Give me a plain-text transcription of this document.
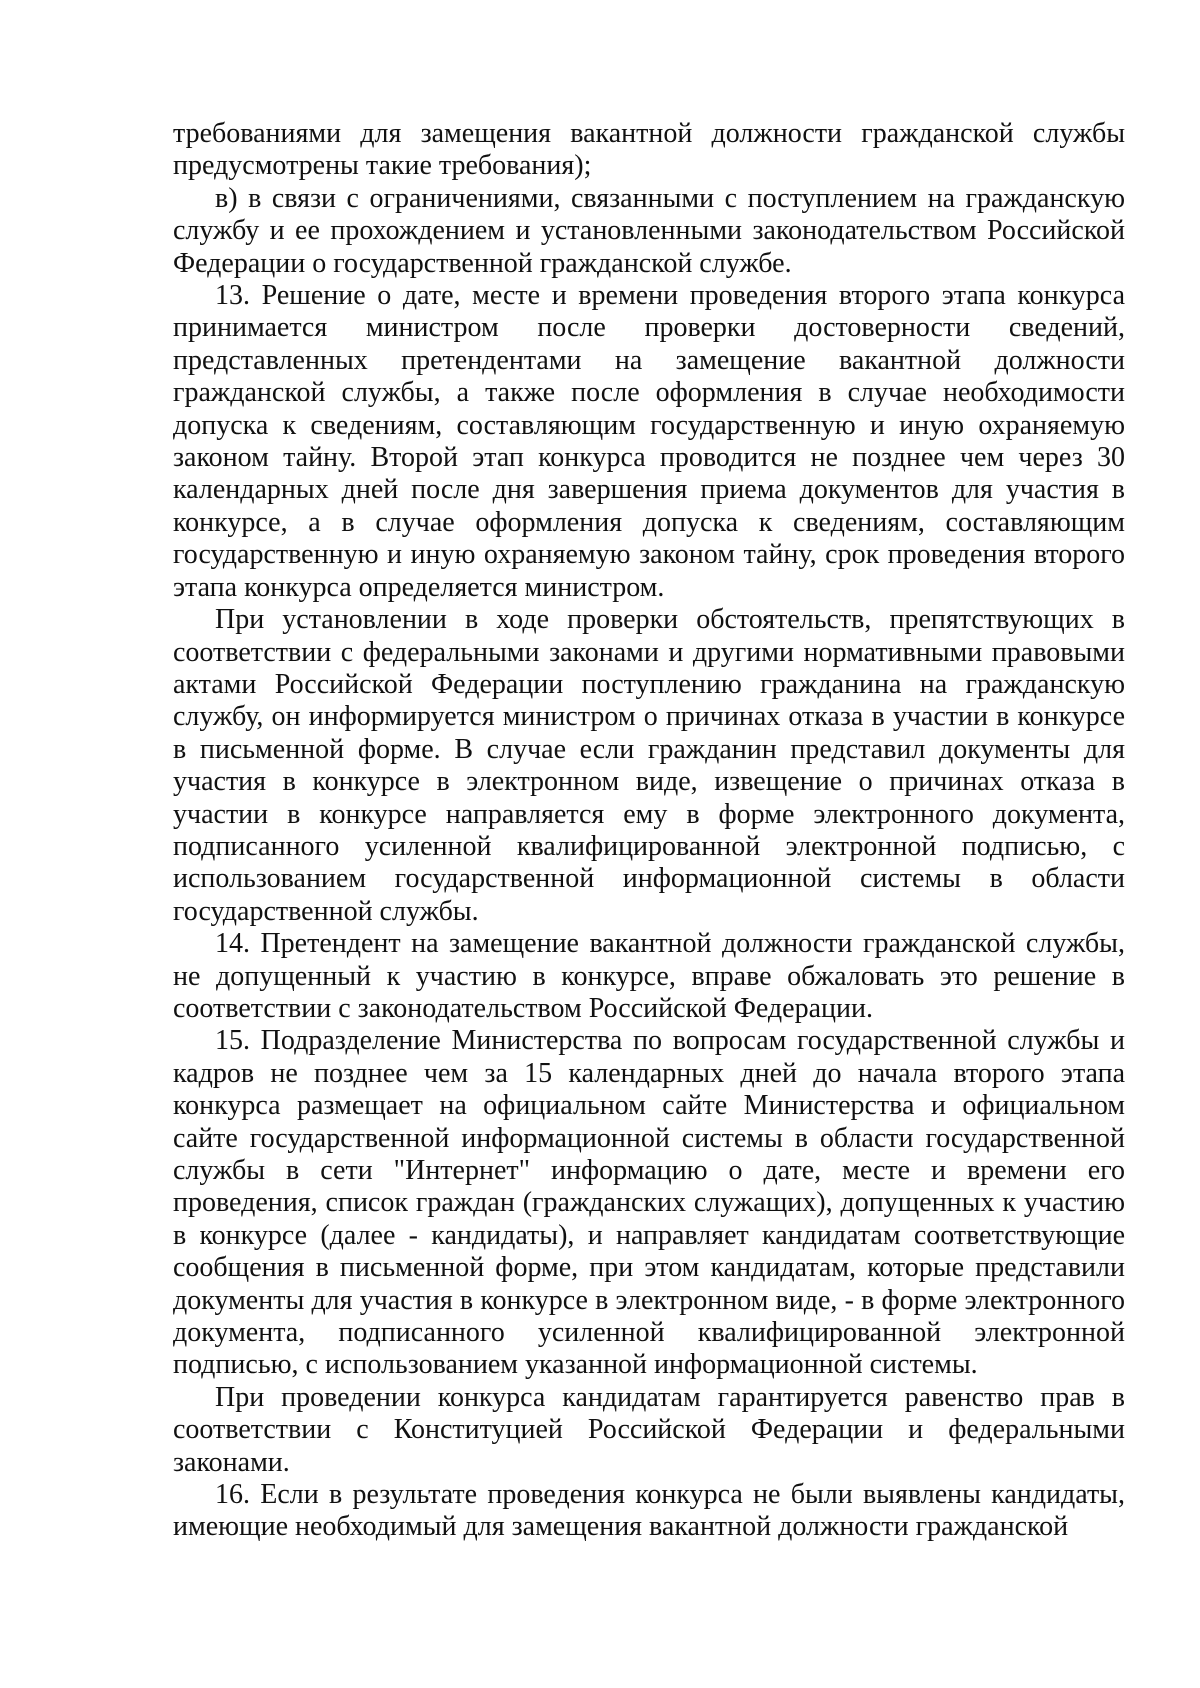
требованиями для замещения вакантной должности гражданской службы предусмотрены такие требования);

в) в связи с ограничениями, связанными с поступлением на гражданскую службу и ее прохождением и установленными законодательством Российской Федерации о государственной гражданской службе.

13. Решение о дате, месте и времени проведения второго этапа конкурса принимается министром после проверки достоверности сведений, представленных претендентами на замещение вакантной должности гражданской службы, а также после оформления в случае необходимости допуска к сведениям, составляющим государственную и иную охраняемую законом тайну. Второй этап конкурса проводится не позднее чем через 30 календарных дней после дня завершения приема документов для участия в конкурсе, а в случае оформления допуска к сведениям, составляющим государственную и иную охраняемую законом тайну, срок проведения второго этапа конкурса определяется министром.

При установлении в ходе проверки обстоятельств, препятствующих в соответствии с федеральными законами и другими нормативными правовыми актами Российской Федерации поступлению гражданина на гражданскую службу, он информируется министром о причинах отказа в участии в конкурсе в письменной форме. В случае если гражданин представил документы для участия в конкурсе в электронном виде, извещение о причинах отказа в участии в конкурсе направляется ему в форме электронного документа, подписанного усиленной квалифицированной электронной подписью, с использованием государственной информационной системы в области государственной службы.

14. Претендент на замещение вакантной должности гражданской службы, не допущенный к участию в конкурсе, вправе обжаловать это решение в соответствии с законодательством Российской Федерации.

15. Подразделение Министерства по вопросам государственной службы и кадров не позднее чем за 15 календарных дней до начала второго этапа конкурса размещает на официальном сайте Министерства и официальном сайте государственной информационной системы в области государственной службы в сети "Интернет" информацию о дате, месте и времени его проведения, список граждан (гражданских служащих), допущенных к участию в конкурсе (далее - кандидаты), и направляет кандидатам соответствующие сообщения в письменной форме, при этом кандидатам, которые представили документы для участия в конкурсе в электронном виде, - в форме электронного документа, подписанного усиленной квалифицированной электронной подписью, с использованием указанной информационной системы.

При проведении конкурса кандидатам гарантируется равенство прав в соответствии с Конституцией Российской Федерации и федеральными законами.

16. Если в результате проведения конкурса не были выявлены кандидаты, имеющие необходимый для замещения вакантной должности гражданской
